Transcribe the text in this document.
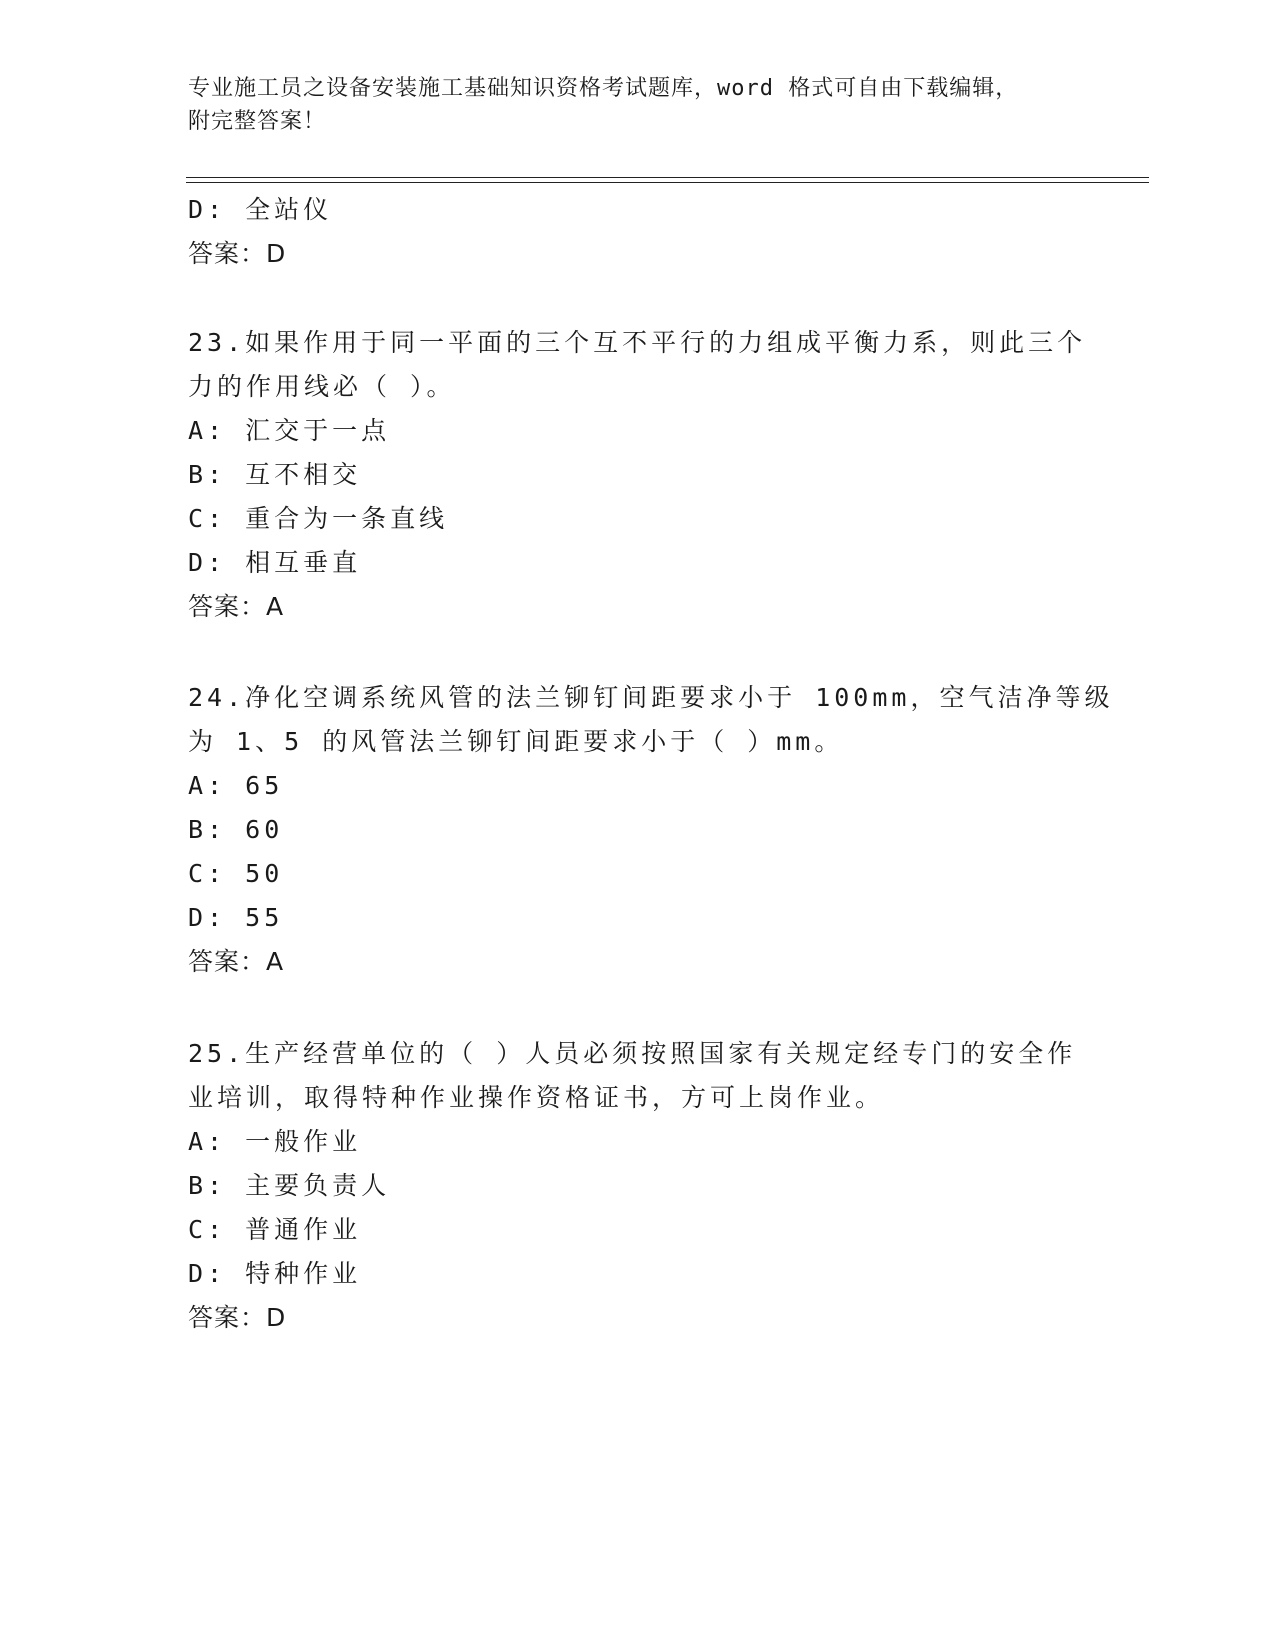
专业施工员之设备安装施工基础知识资格考试题库，word 格式可自由下载编辑，
附完整答案！
D: 全站仪
答案：D
23.如果作用于同一平面的三个互不平行的力组成平衡力系，则此三个
力的作用线必（ ）。
A: 汇交于一点
B: 互不相交
C: 重合为一条直线
D: 相互垂直
答案：A
24.净化空调系统风管的法兰铆钉间距要求小于 100mm，空气洁净等级
为 1、5 的风管法兰铆钉间距要求小于（ ）mm。
A: 65
B: 60
C: 50
D: 55
答案：A
25.生产经营单位的（ ）人员必须按照国家有关规定经专门的安全作
业培训，取得特种作业操作资格证书，方可上岗作业。
A: 一般作业
B: 主要负责人
C: 普通作业
D: 特种作业
答案：D
